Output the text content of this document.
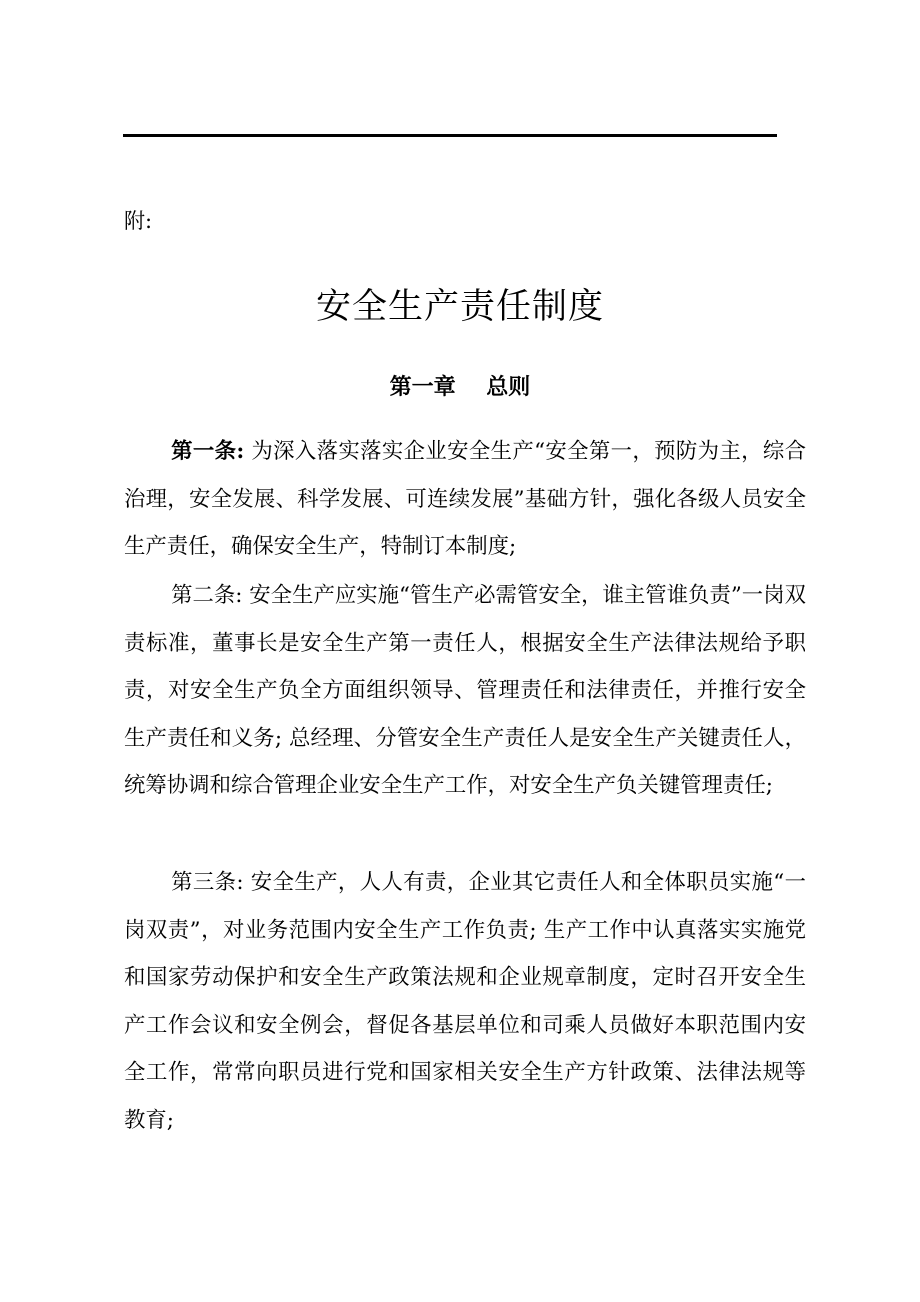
附:
安全生产责任制度
第一章    总则

第一条: 为深入落实落实企业安全生产“安全第一，预防为主，综合治理，安全发展、科学发展、可连续发展”基础方针，强化各级人员安全生产责任，确保安全生产，特制订本制度;

第二条: 安全生产应实施“管生产必需管安全，谁主管谁负责”一岗双责标准，董事长是安全生产第一责任人，根据安全生产法律法规给予职责，对安全生产负全方面组织领导、管理责任和法律责任，并推行安全生产责任和义务; 总经理、分管安全生产责任人是安全生产关键责任人，统筹协调和综合管理企业安全生产工作，对安全生产负关键管理责任;

第三条: 安全生产，人人有责，企业其它责任人和全体职员实施“一岗双责”，对业务范围内安全生产工作负责; 生产工作中认真落实实施党和国家劳动保护和安全生产政策法规和企业规章制度，定时召开安全生产工作会议和安全例会，督促各基层单位和司乘人员做好本职范围内安全工作，常常向职员进行党和国家相关安全生产方针政策、法律法规等教育;
